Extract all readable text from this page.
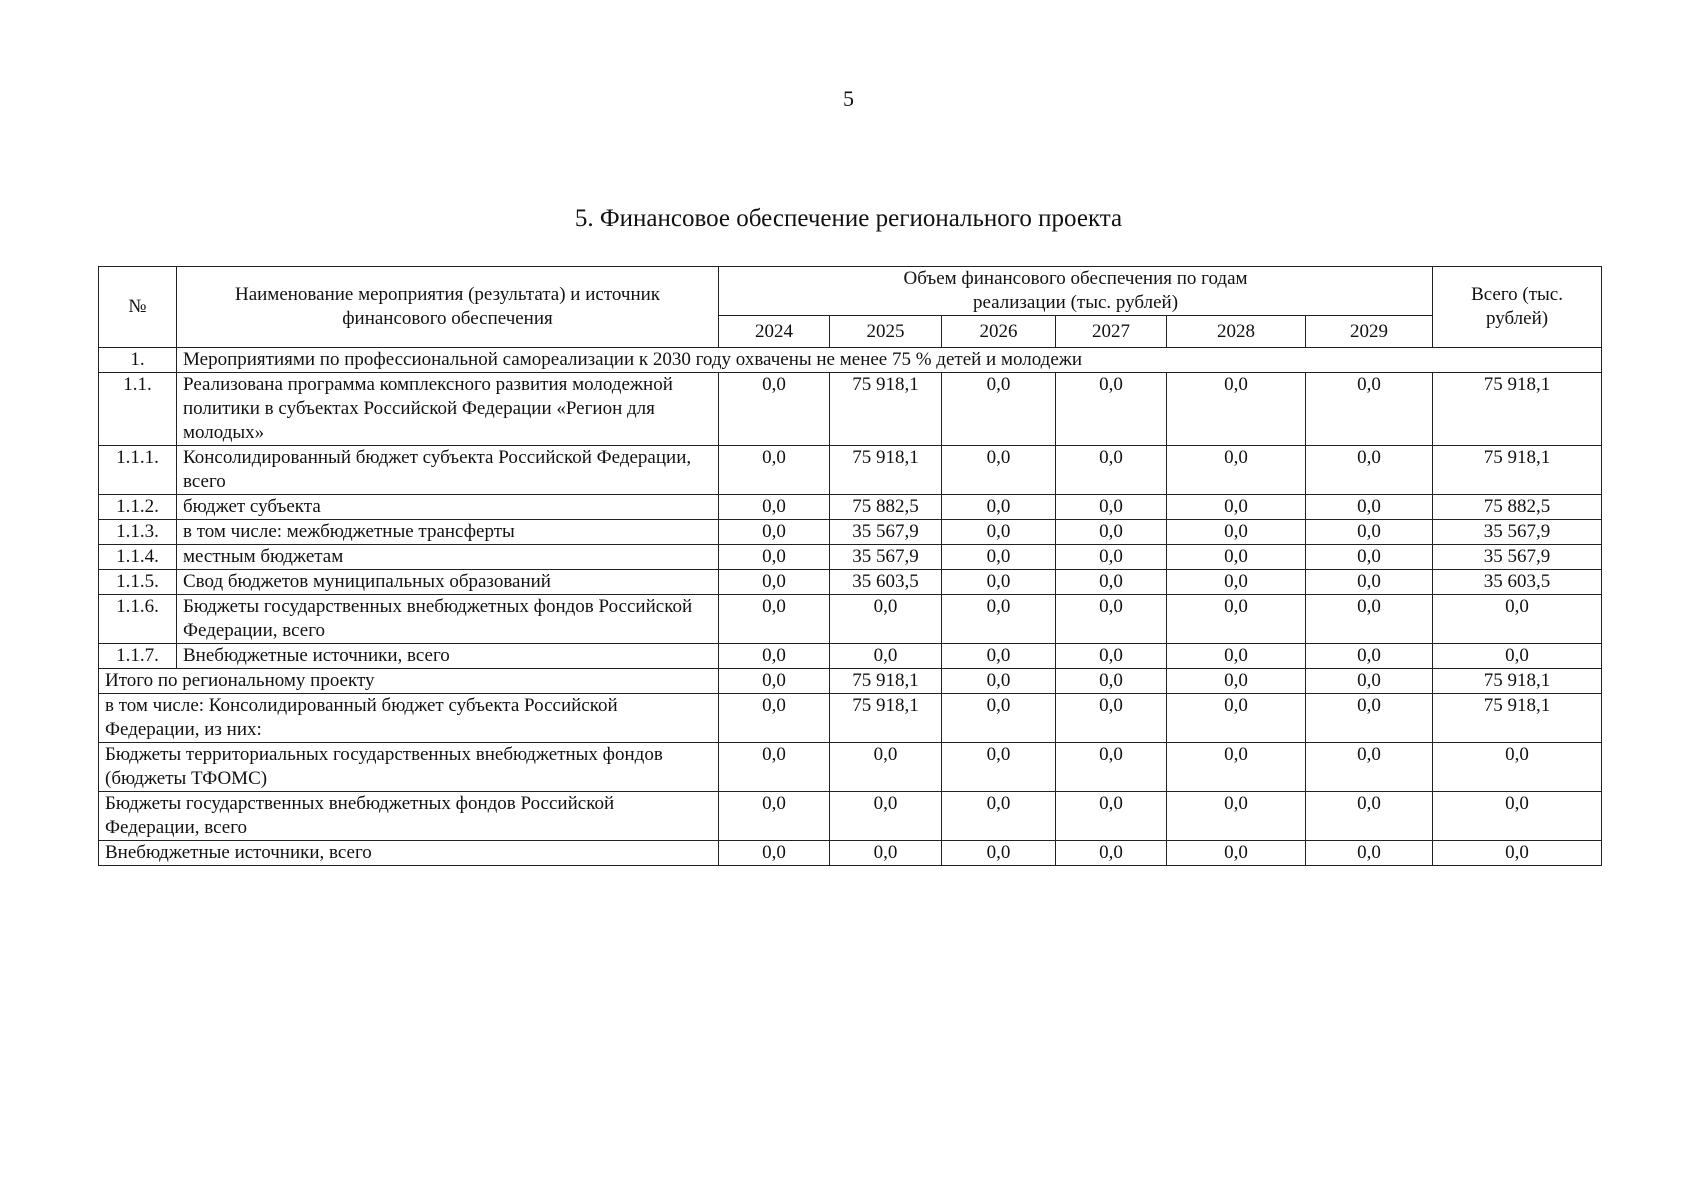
5
5. Финансовое обеспечение регионального проекта
№	Наименование мероприятия (результата) и источник финансового обеспечения	Объем финансового обеспечения по годам реализации (тыс. рублей)						Всего (тыс. рублей)
		2024	2025	2026	2027	2028	2029	
1.	Мероприятиями по профессиональной самореализации к 2030 году охвачены не менее 75 % детей и молодежи							
1.1.	Реализована программа комплексного развития молодежной политики в субъектах Российской Федерации «Регион для молодых»	0,0	75 918,1	0,0	0,0	0,0	0,0	75 918,1
1.1.1.	Консолидированный бюджет субъекта Российской Федерации, всего	0,0	75 918,1	0,0	0,0	0,0	0,0	75 918,1
1.1.2.	бюджет субъекта	0,0	75 882,5	0,0	0,0	0,0	0,0	75 882,5
1.1.3.	в том числе: межбюджетные трансферты	0,0	35 567,9	0,0	0,0	0,0	0,0	35 567,9
1.1.4.	местным бюджетам	0,0	35 567,9	0,0	0,0	0,0	0,0	35 567,9
1.1.5.	Свод бюджетов муниципальных образований	0,0	35 603,5	0,0	0,0	0,0	0,0	35 603,5
1.1.6.	Бюджеты государственных внебюджетных фондов Российской Федерации, всего	0,0	0,0	0,0	0,0	0,0	0,0	0,0
1.1.7.	Внебюджетные источники, всего	0,0	0,0	0,0	0,0	0,0	0,0	0,0
Итого по региональному проекту		0,0	75 918,1	0,0	0,0	0,0	0,0	75 918,1
в том числе: Консолидированный бюджет субъекта Российской Федерации, из них:		0,0	75 918,1	0,0	0,0	0,0	0,0	75 918,1
Бюджеты территориальных государственных внебюджетных фондов (бюджеты ТФОМС)		0,0	0,0	0,0	0,0	0,0	0,0	0,0
Бюджеты государственных внебюджетных фондов Российской Федерации, всего		0,0	0,0	0,0	0,0	0,0	0,0	0,0
Внебюджетные источники, всего		0,0	0,0	0,0	0,0	0,0	0,0	0,0
